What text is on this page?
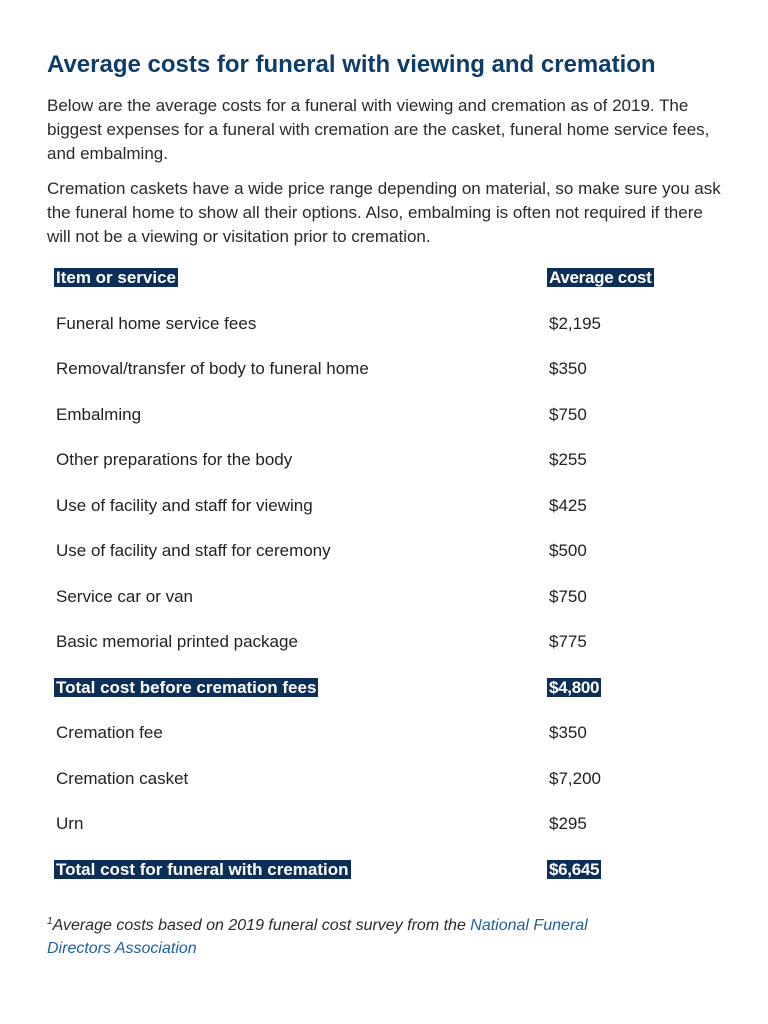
Average costs for funeral with viewing and cremation

Below are the average costs for a funeral with viewing and cremation as of 2019. The biggest expenses for a funeral with cremation are the casket, funeral home service fees, and embalming.

Cremation caskets have a wide price range depending on material, so make sure you ask the funeral home to show all their options. Also, embalming is often not required if there will not be a viewing or visitation prior to cremation.

Item or service	Average cost
Funeral home service fees	$2,195
Removal/transfer of body to funeral home	$350
Embalming	$750
Other preparations for the body	$255
Use of facility and staff for viewing	$425
Use of facility and staff for ceremony	$500
Service car or van	$750
Basic memorial printed package	$775
Total cost before cremation fees	$4,800
Cremation fee	$350
Cremation casket	$7,200
Urn	$295
Total cost for funeral with cremation	$6,645

$^1$Average costs based on 2019 funeral cost survey from the National Funeral Directors Association
